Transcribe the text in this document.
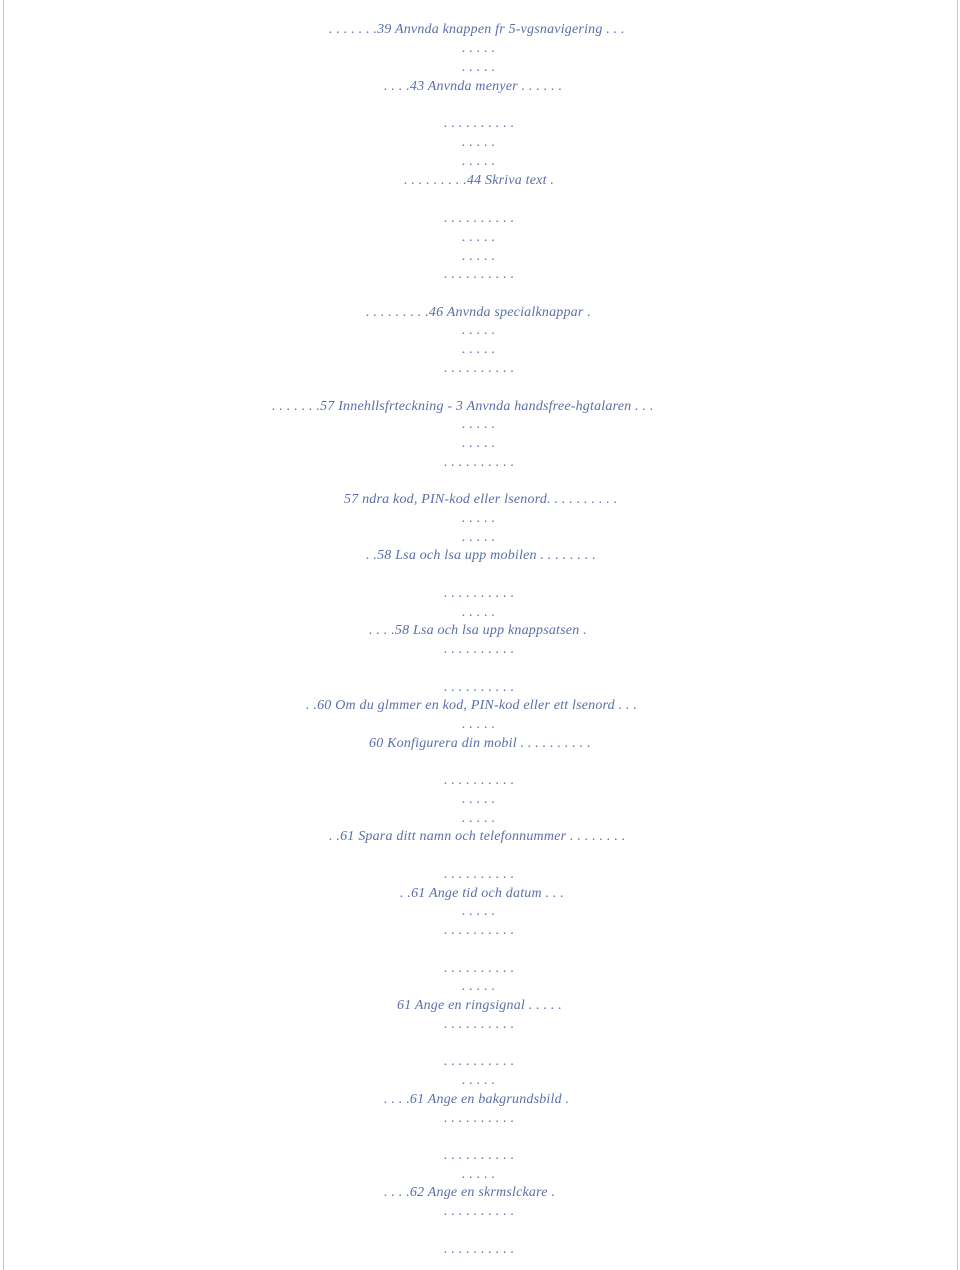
. . . . . . .39 Anvnda knappen fr 5-vgsnavigering . . .
. . . . .
. . . . .
. . . .43 Anvnda menyer . . . . . .
. . . . . . . . . .
. . . . .
. . . . .
. . . . . . . . .44 Skriva text .
. . . . . . . . . .
. . . . .
. . . . .
. . . . . . . . . .
. . . . . . . . .46 Anvnda specialknappar .
. . . . .
. . . . .
. . . . . . . . . .
. . . . . . .57 Innehllsfrteckning - 3 Anvnda handsfree-hgtalaren . . .
. . . . .
. . . . .
. . . . . . . . . .
57 ndra kod, PIN-kod eller lsenord. . . . . . . . . .
. . . . .
. . . . .
. .58 Lsa och lsa upp mobilen . . . . . . . .
. . . . . . . . . .
. . . . .
. . . .58 Lsa och lsa upp knappsatsen .
. . . . . . . . . .
. . . . . . . . . .
. .60 Om du glmmer en kod, PIN-kod eller ett lsenord . . .
. . . . .
60 Konfigurera din mobil . . . . . . . . . .
. . . . . . . . . .
. . . . .
. . . . .
. .61 Spara ditt namn och telefonnummer . . . . . . . .
. . . . . . . . . .
. .61 Ange tid och datum . . .
. . . . .
. . . . . . . . . .
. . . . . . . . . .
. . . . .
61 Ange en ringsignal . . . . .
. . . . . . . . . .
. . . . . . . . . .
. . . . .
. . . .61 Ange en bakgrundsbild .
. . . . . . . . . .
. . . . . . . . . .
. . . . .
. . . .62 Ange en skrmslckare .
. . . . . . . . . .
. . . . . . . . . .
